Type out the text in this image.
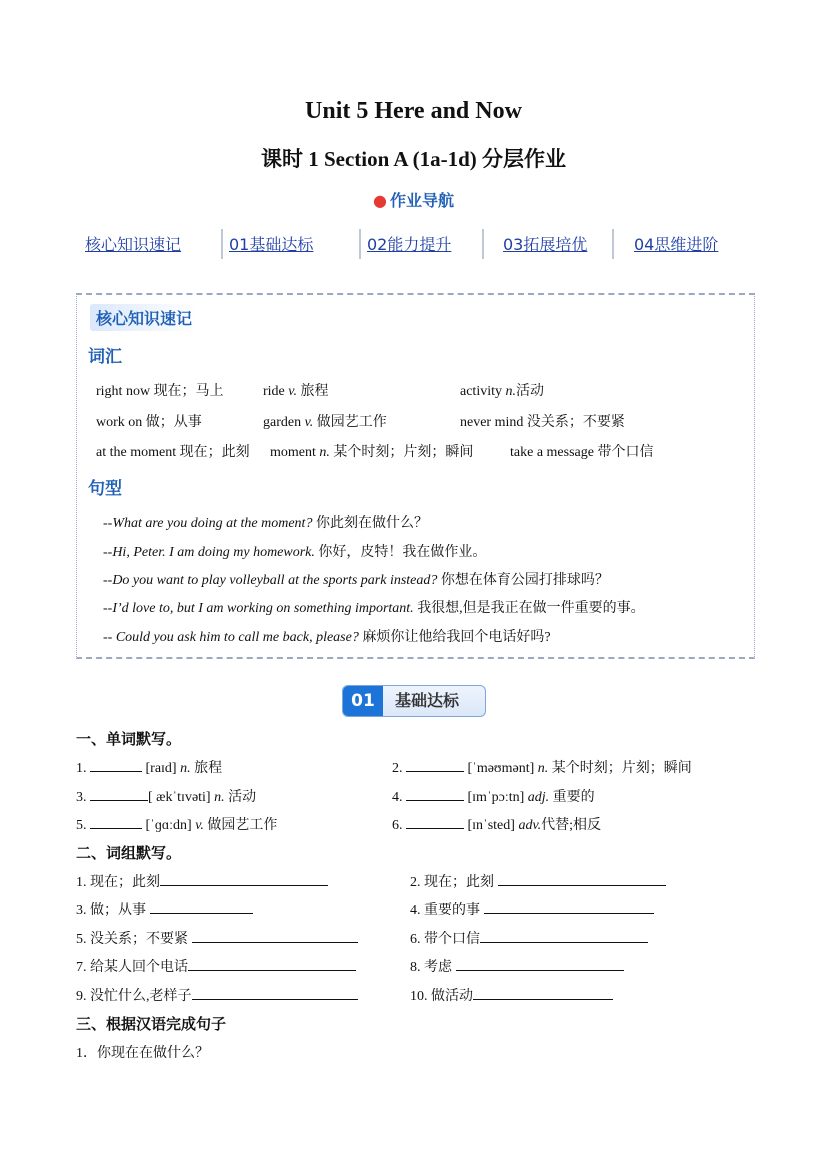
Unit 5 Here and Now
课时 1 Section A (1a-1d) 分层作业
● 作业导航
核心知识速记	01基础达标	02能力提升	03拓展培优	04思维进阶
核心知识速记
词汇
right now 现在；马上	ride v. 旅程	activity n.活动
work on 做；从事	garden v. 做园艺工作	never mind 没关系；不要紧
at the moment 现在；此刻 moment n. 某个时刻；片刻；瞬间	take a message 带个口信
句型
--What are you doing at the moment? 你此刻在做什么？
--Hi, Peter. I am doing my homework. 你好，皮特！我在做作业。
--Do you want to play volleyball at the sports park instead? 你想在体育公园打排球吗？
--I’d love to, but I am working on something important. 我很想,但是我正在做一件重要的事。
-- Could you ask him to call me back, please? 麻烦你让他给我回个电话好吗?
01	基础达标
一、单词默写。
1.	[raɪd] n. 旅程	2.	[ˈməʊmənt] n. 某个时刻；片刻；瞬间
3.	[ ækˈtɪvəti] n. 活动	4.	[ɪmˈpɔːtn] adj. 重要的
5.	[ˈɡɑːdn] v. 做园艺工作	6.	[ɪnˈsted] adv.代替;相反
二、词组默写。
1. 现在；此刻	2. 现在；此刻
3. 做；从事	4. 重要的事
5. 没关系；不要紧	6. 带个口信
7. 给某人回个电话	8. 考虑
9. 没忙什么,老样子	10. 做活动
三、根据汉语完成句子
1．你现在在做什么？
